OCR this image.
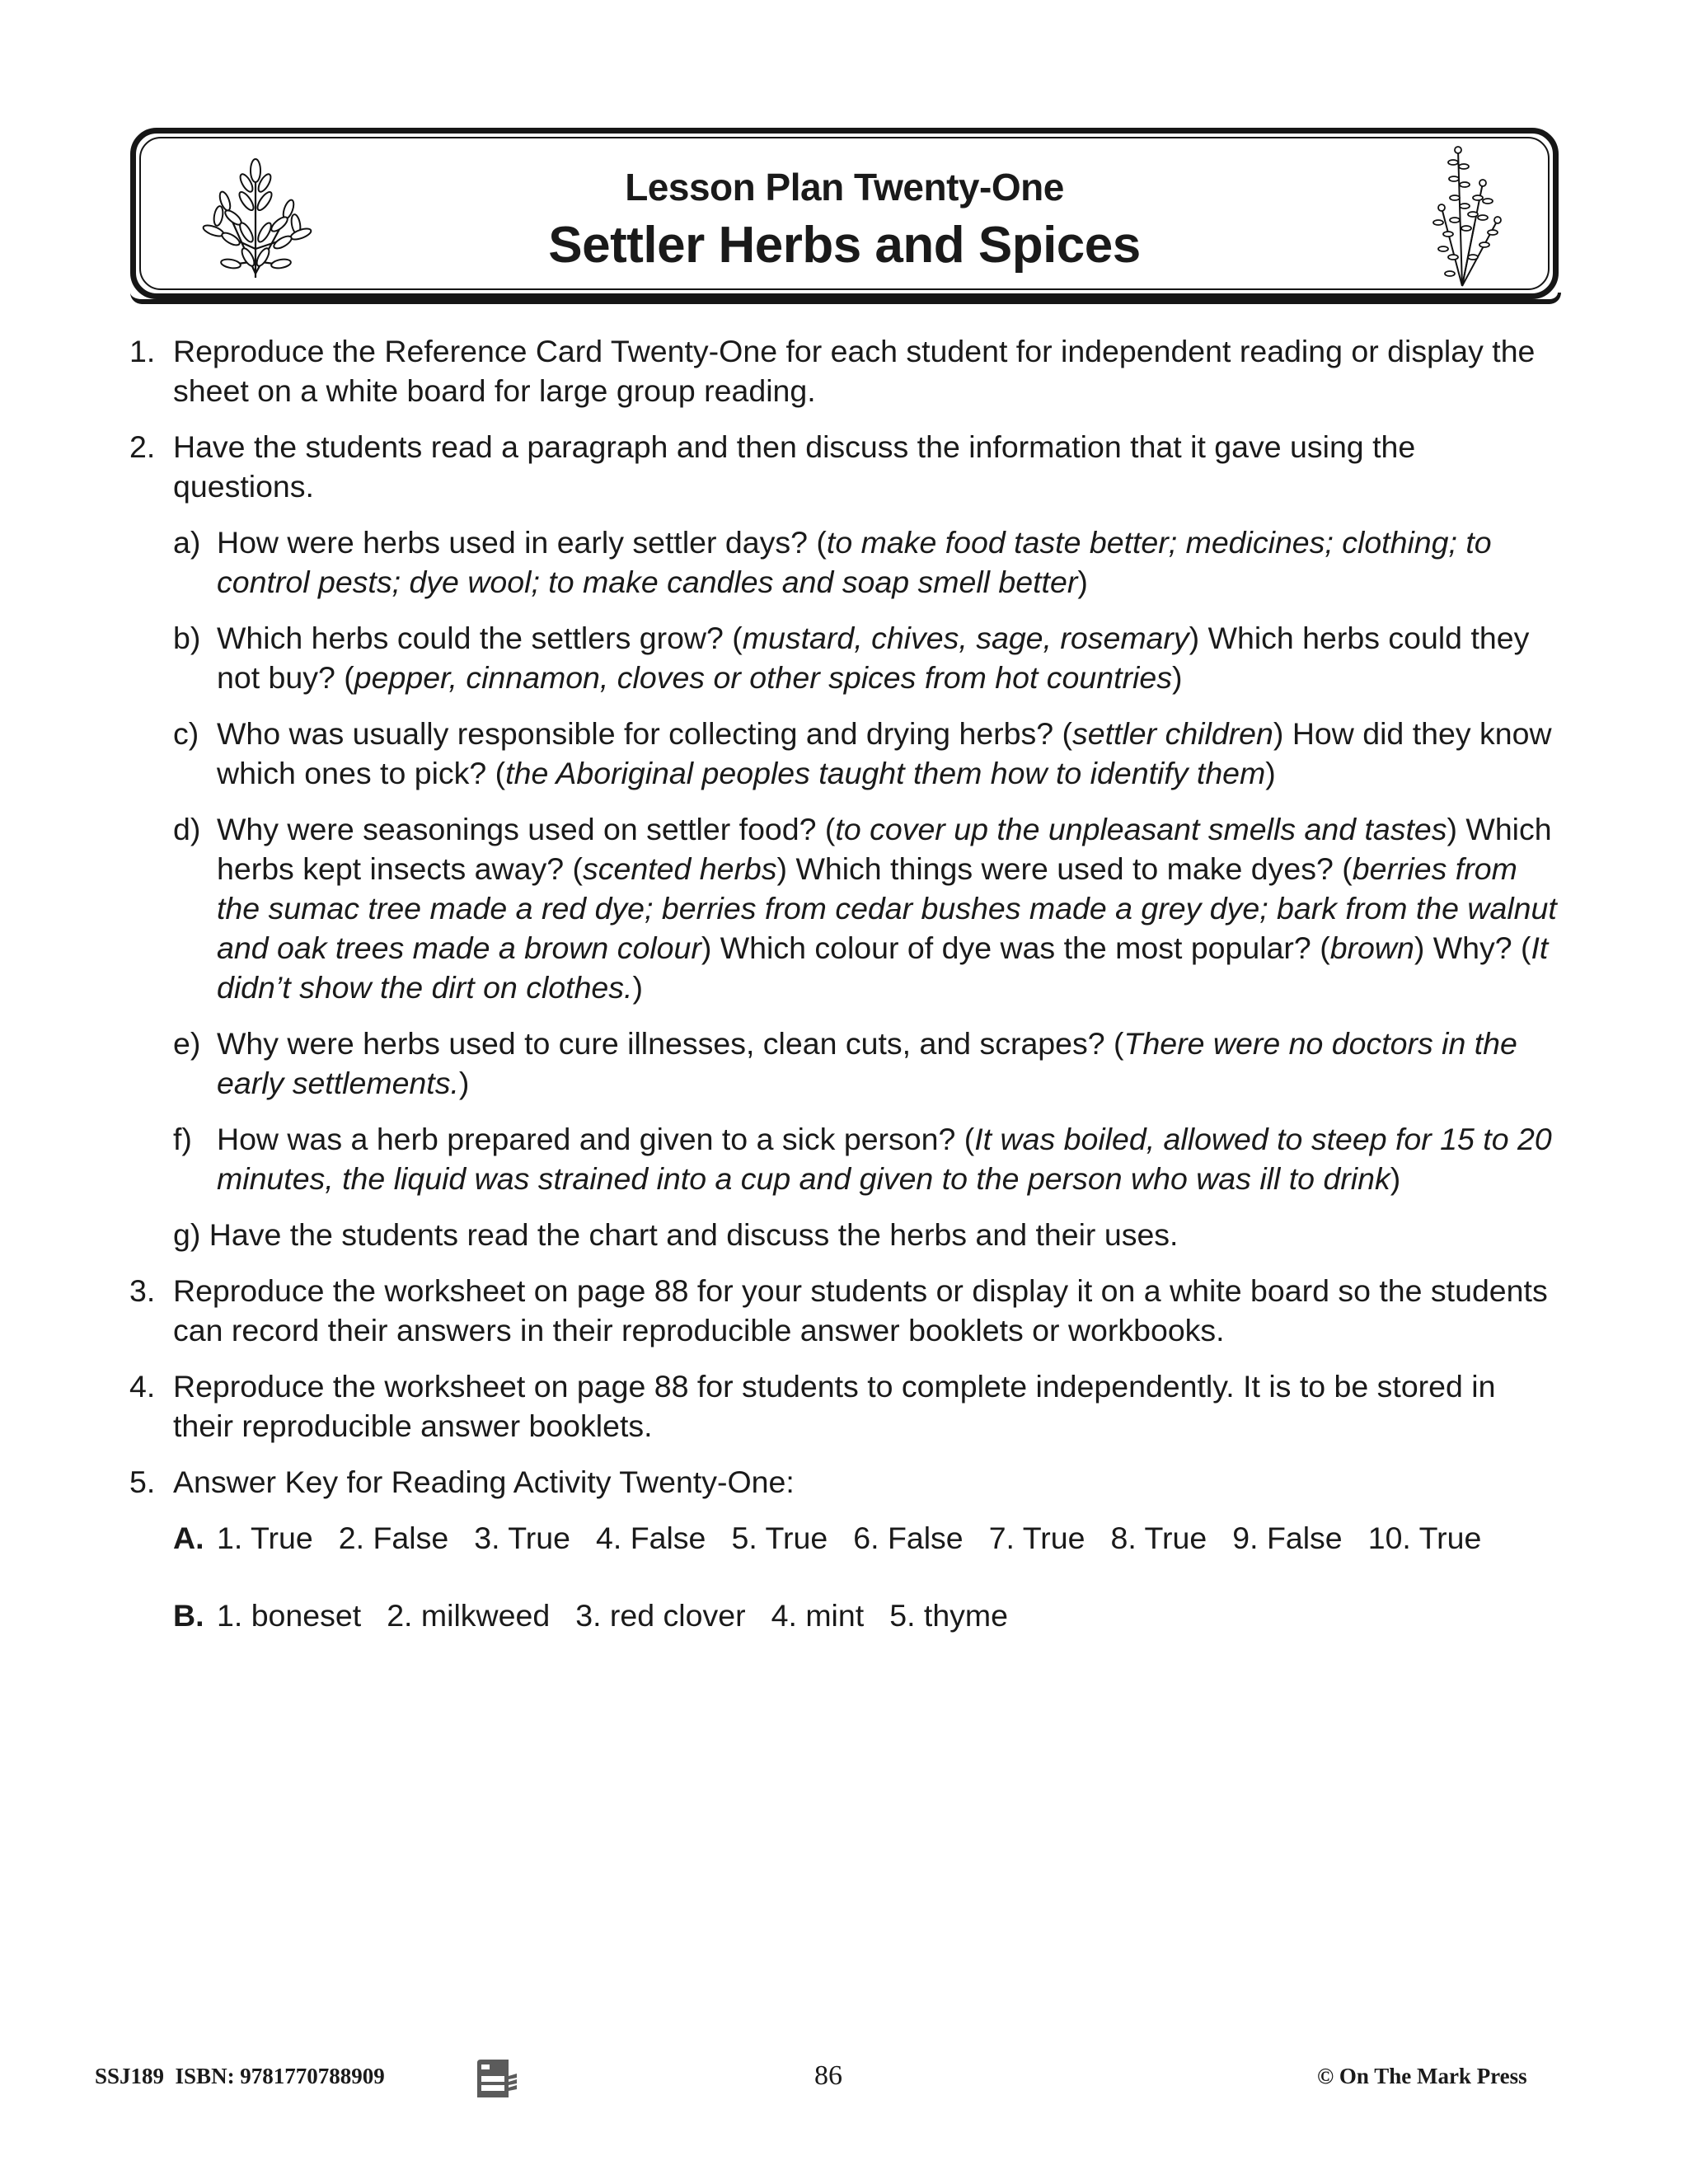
Lesson Plan Twenty-One
Settler Herbs and Spices
1. Reproduce the Reference Card Twenty-One for each student for independent reading or display the sheet on a white board for large group reading.
2. Have the students read a paragraph and then discuss the information that it gave using the questions.
a) How were herbs used in early settler days? (to make food taste better; medicines; clothing; to control pests; dye wool; to make candles and soap smell better)
b) Which herbs could the settlers grow? (mustard, chives, sage, rosemary) Which herbs could they not buy? (pepper, cinnamon, cloves or other spices from hot countries)
c) Who was usually responsible for collecting and drying herbs? (settler children) How did they know which ones to pick? (the Aboriginal peoples taught them how to identify them)
d) Why were seasonings used on settler food? (to cover up the unpleasant smells and tastes) Which herbs kept insects away? (scented herbs) Which things were used to make dyes? (berries from the sumac tree made a red dye; berries from cedar bushes made a grey dye; bark from the walnut and oak trees made a brown colour) Which colour of dye was the most popular? (brown) Why? (It didn’t show the dirt on clothes.)
e) Why were herbs used to cure illnesses, clean cuts, and scrapes? (There were no doctors in the early settlements.)
f) How was a herb prepared and given to a sick person? (It was boiled, allowed to steep for 15 to 20 minutes, the liquid was strained into a cup and given to the person who was ill to drink)
g) Have the students read the chart and discuss the herbs and their uses.
3. Reproduce the worksheet on page 88 for your students or display it on a white board so the students can record their answers in their reproducible answer booklets or workbooks.
4. Reproduce the worksheet on page 88 for students to complete independently. It is to be stored in their reproducible answer booklets.
5. Answer Key for Reading Activity Twenty-One:
A. 1. True 2. False 3. True 4. False 5. True 6. False 7. True 8. True 9. False 10. True
B. 1. boneset 2. milkweed 3. red clover 4. mint 5. thyme
SSJ189  ISBN: 9781770788909	86	© On The Mark Press
